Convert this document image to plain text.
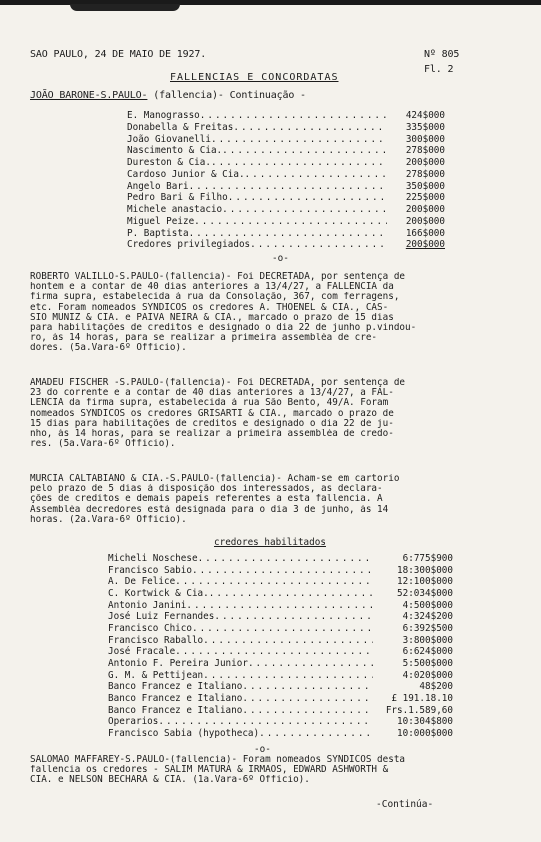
SAO PAULO, 24 DE MAIO DE 1927.	Nº 805
Fl. 2
FALLENCIAS E CONCORDATAS
JOÃO BARONE-S.PAULO- (fallencia)- Continuação -
E. Manograsso . . .	424$000
Donabella & Freitas . . .	335$000
João Giovanelli . . .	300$000
Nascimento & Cia. . . .	278$000
Dureston & Cia. . . .	200$000
Cardoso Junior & Cia. . . .	278$000
Angelo Bari . . .	350$000
Pedro Bari & Filho . . .	225$000
Michele anastacio . . .	200$000
Miguel Peize . . .	200$000
P. Baptista . . .	166$000
Credores privilegiados . . .	200$000
-o-
ROBERTO VALILLO-S.PAULO-(fallencia)- Foi DECRETADA, por sentença de
hontem e a contar de 40 dias anteriores a 13/4/27, a FALLENCIA da
firma supra, estabelecida á rua da Consolação, 367, com ferragens,
etc. Foram nomeados SYNDICOS os credores A. THOENEL & CIA., CAS-
SIO MUNIZ & CIA. e PAIVA NEIRA & CIA., marcado o prazo de 15 dias
para habilitações de creditos e designado o dia 22 de junho p.vindou-
ro, ás 14 horas, para se realizar a primeira assembléa de cre-
dores. (5a.Vara-6º Officio).
AMADEU FISCHER -S.PAULO-(fallencia)- Foi DECRETADA, por sentença de
23 do corrente e a contar de 40 dias anteriores a 13/4/27, a FAL-
LENCIA da firma supra, estabelecida á rua São Bento, 49/A. Foram
nomeados SYNDICOS os credores GRISARTI & CIA., marcado o prazo de
15 dias para habilitações de creditos e designado o dia 22 de ju-
nho, ás 14 horas, para se realizar a primeira assembléa de credo-
res. (5a.Vara-6º Officio).
MURCIA CALTABIANO & CIA.-S.PAULO-(fallencia)- Acham-se em cartorio
pelo prazo de 5 dias á disposição dos interessados, as declara-
ções de creditos e demais papeis referentes a esta fallencia. A
Assembléa decredores está designada para o dia 3 de junho, ás 14
horas. (2a.Vara-6º Officio).
credores habilitados
Micheli Noschese . . .	6:775$900
Francisco Sabio . . .	18:300$000
A. De Felice . . .	12:100$000
C. Kortwick & Cia. . . .	52:034$000
Antonio Janini . . .	4:500$000
José Luiz Fernandes . . .	4:324$200
Francisco Chico . . .	6:392$500
Francisco Raballo . . .	3:800$000
José Fracale . . .	6:624$000
Antonio F. Pereira Junior . . .	5:500$000
G. M. & Pettijean . . .	4:020$000
Banco Francez e Italiano . . .	48$200
Banco Francez e Italiano . . .	£ 191.18.10
Banco Francez e Italiano . . .	Frs.1.589,60
Operarios . . .	10:304$800
Francisco Sabia (hypotheca) . . .	10:000$000
-o-
SALOMÃO MAFFAREY-S.PAULO-(fallencia)- Foram nomeados SYNDICOS desta
fallencia os credores - SALIM MATURA & IRMÃOS, EDWARD ASHWORTH &
CIA. e NELSON BECHARA & CIA. (1a.Vara-6º Officio).
-Continúa-
